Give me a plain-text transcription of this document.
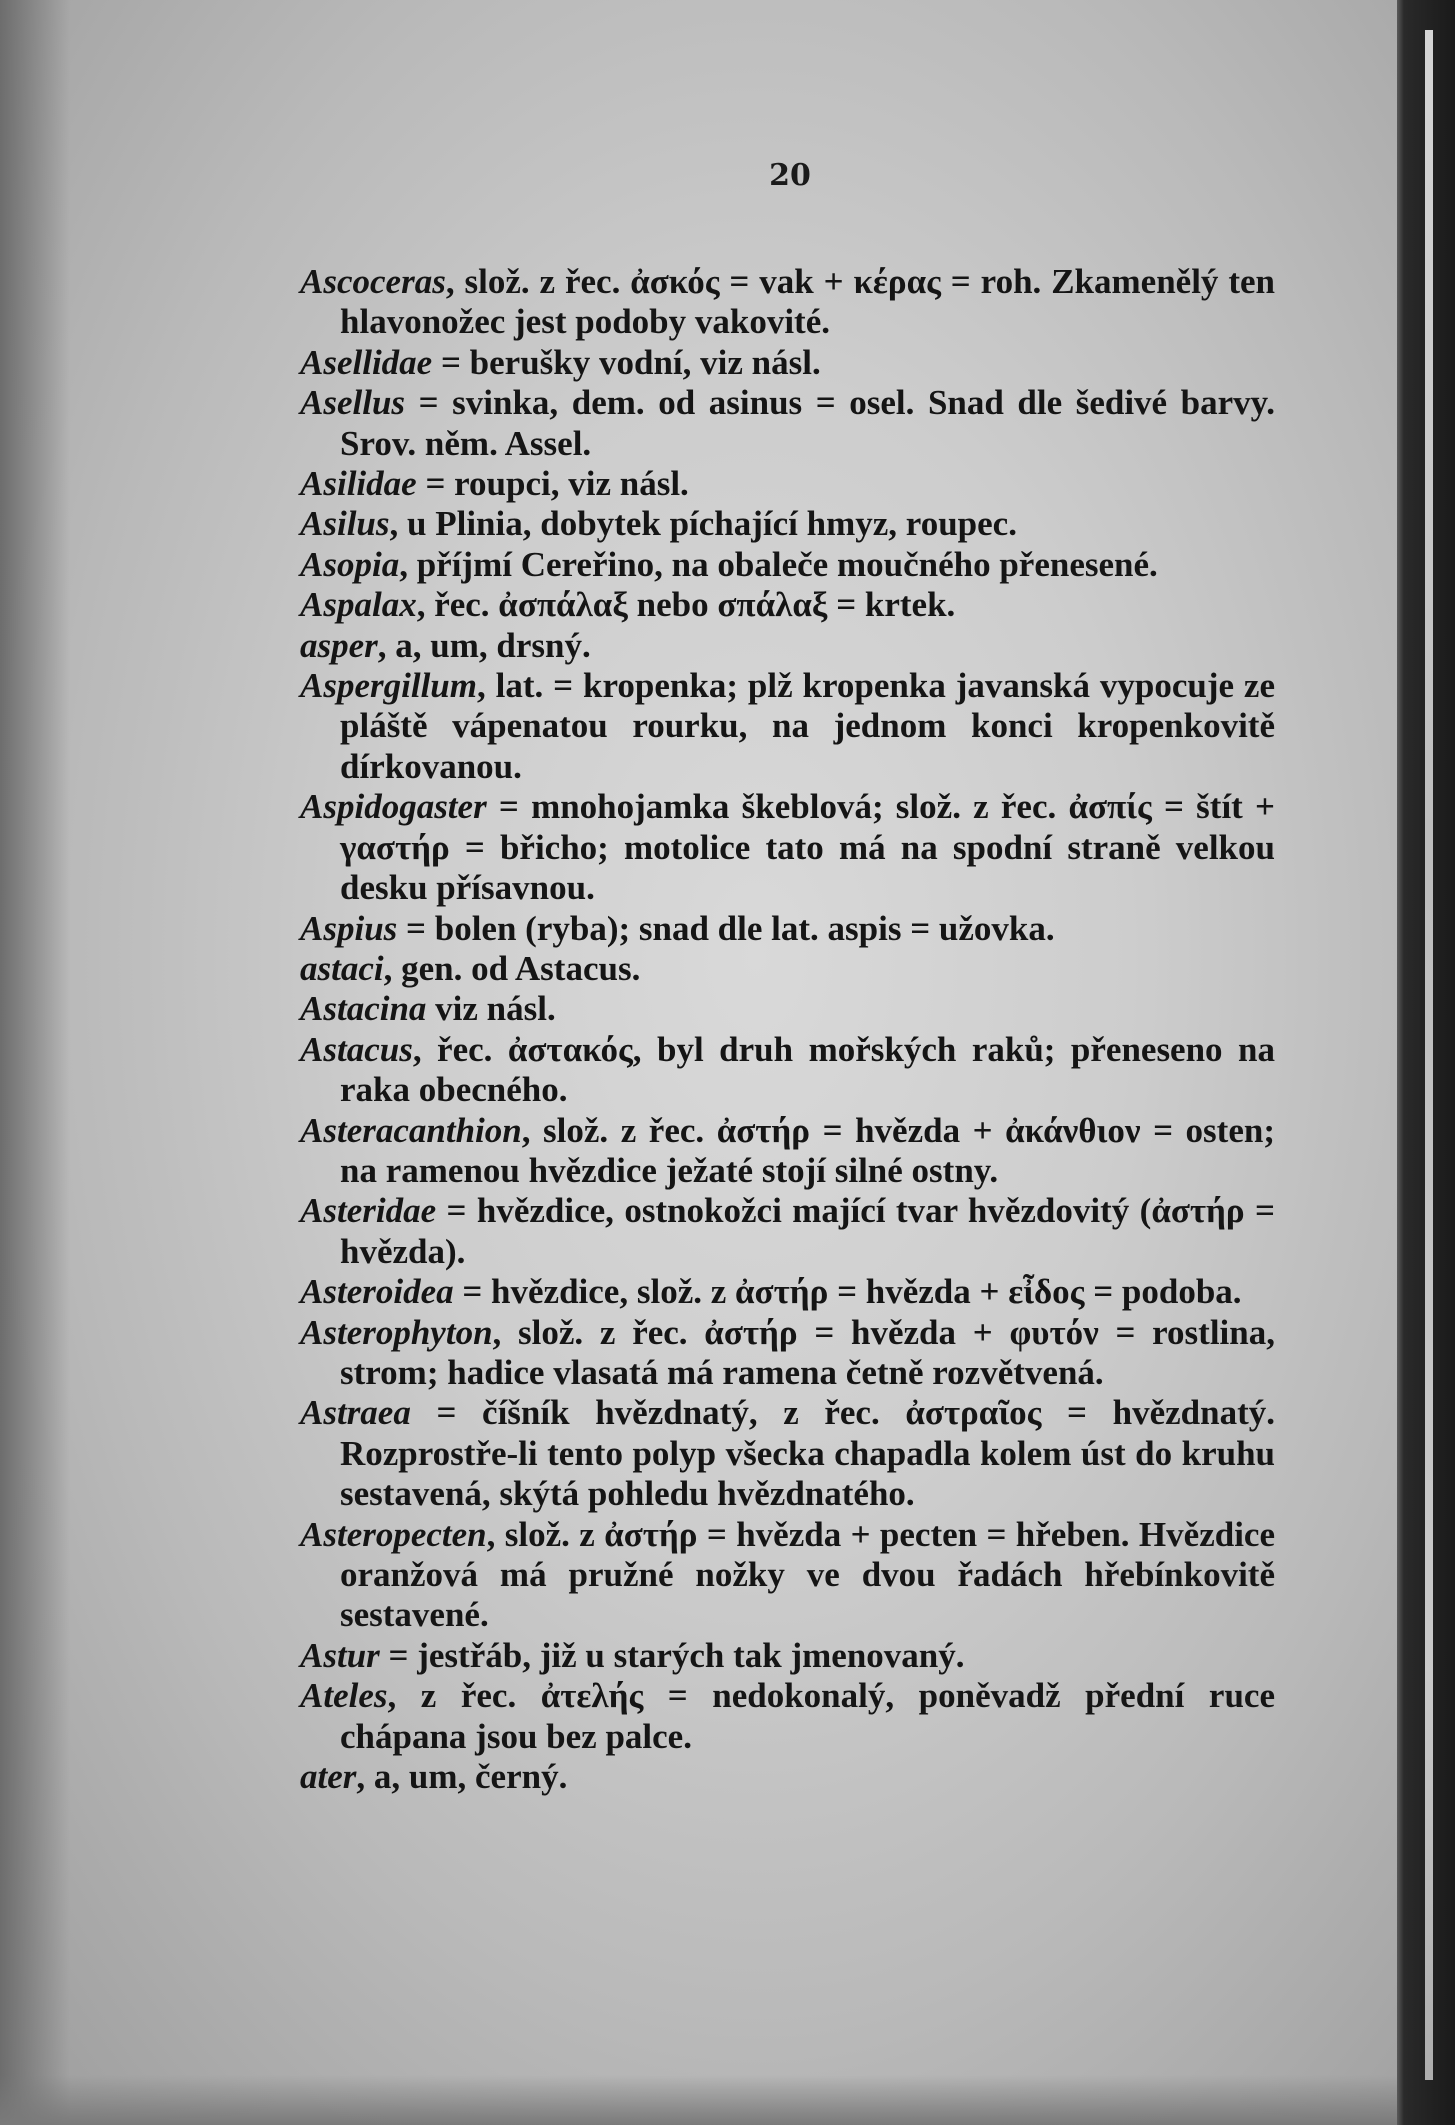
20

Ascoceras, slož. z řec. ἀσκός = vak + κέρας = roh. Zkamenělý ten hlavonožec jest podoby vakovité.

Asellidae = berušky vodní, viz násl.

Asellus = svinka, dem. od asinus = osel. Snad dle šedivé barvy. Srov. něm. Assel.

Asilidae = roupci, viz násl.

Asilus, u Plinia, dobytek píchající hmyz, roupec.

Asopia, příjmí Cereřino, na obaleče moučného přenesené.

Aspalax, řec. ἀσπάλαξ nebo σπάλαξ = krtek.

asper, a, um, drsný.

Aspergillum, lat. = kropenka; plž kropenka javanská vypocuje ze pláště vápenatou rourku, na jednom konci kropenkovitě dírkovanou.

Aspidogaster = mnohojamka škeblová; slož. z řec. ἀσπίς = štít + γαστήρ = břicho; motolice tato má na spodní straně velkou desku přísavnou.

Aspius = bolen (ryba); snad dle lat. aspis = užovka.

astaci, gen. od Astacus.

Astacina viz násl.

Astacus, řec. ἀστακός, byl druh mořských raků; přeneseno na raka obecného.

Asteracanthion, slož. z řec. ἀστήρ = hvězda + ἀκάνθιον = osten; na ramenou hvězdice ježaté stojí silné ostny.

Asteridae = hvězdice, ostnokožci mající tvar hvězdovitý (ἀστήρ = hvězda).

Asteroidea = hvězdice, slož. z ἀστήρ = hvězda + εἶδος = podoba.

Asterophyton, slož. z řec. ἀστήρ = hvězda + φυτόν = rostlina, strom; hadice vlasatá má ramena četně rozvětvená.

Astraea = číšník hvězdnatý, z řec. ἀστραῖος = hvězdnatý. Rozprostře-li tento polyp všecka chapadla kolem úst do kruhu sestavená, skýtá pohledu hvězdnatého.

Asteropecten, slož. z ἀστήρ = hvězda + pecten = hřeben. Hvězdice oranžová má pružné nožky ve dvou řadách hřebínkovitě sestavené.

Astur = jestřáb, již u starých tak jmenovaný.

Ateles, z řec. ἀτελής = nedokonalý, poněvadž přední ruce chápana jsou bez palce.

ater, a, um, černý.
